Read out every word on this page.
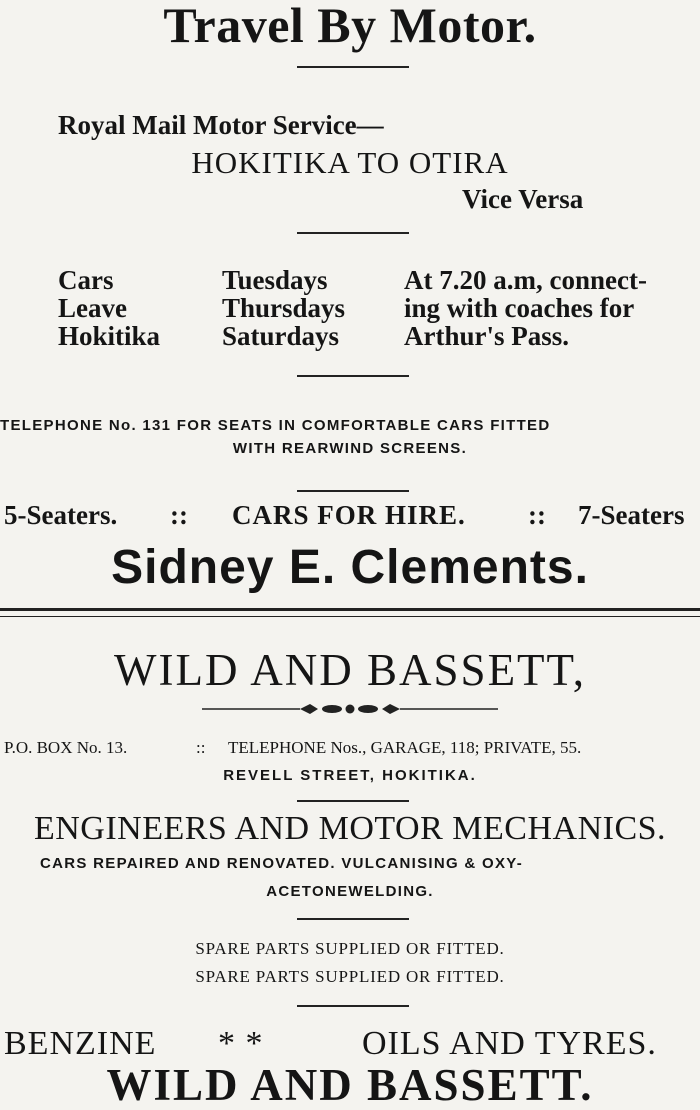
Travel By Motor.
Royal Mail Motor Service—
HOKITIKA TO OTIRA
Vice Versa
Cars
Leave
Hokitika
Tuesdays
Thursdays
Saturdays
At 7.20 a.m, connect-
ing with coaches for
Arthur's Pass.
TELEPHONE No. 131 FOR SEATS IN COMFORTABLE CARS FITTED
WITH REARWIND SCREENS.
5-Seaters. :: CARS FOR HIRE. :: 7-Seaters
Sidney E. Clements.
WILD AND BASSETT,
P.O. BOX No. 13.	:: TELEPHONE Nos., GARAGE, 118; PRIVATE, 55.
REVELL STREET, HOKITIKA.
ENGINEERS AND MOTOR MECHANICS.
CARS REPAIRED AND RENOVATED. VULCANISING & OXY-
ACETONEWELDING.
SPARE PARTS SUPPLIED OR FITTED.
SPARE PARTS SUPPLIED OR FITTED.
BENZINE * *	OILS AND TYRES.
WILD AND BASSETT.
